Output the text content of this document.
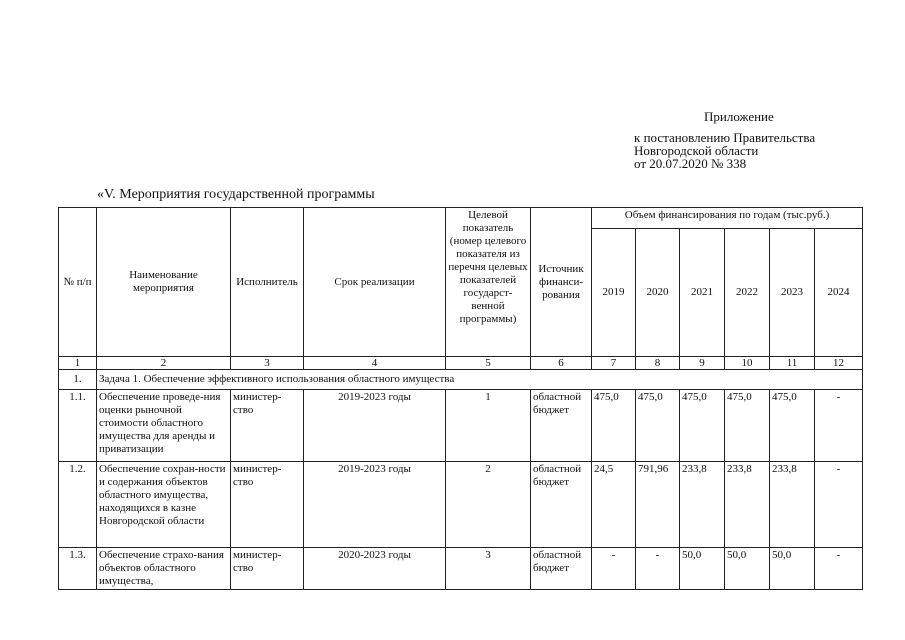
Приложение
к постановлению Правительства
Новгородской области
от 20.07.2020 № 338
«V. Мероприятия государственной программы
№ п/п	Наименование мероприятия	Исполнитель	Срок реализации	Целевой показатель (номер целевого показателя из перечня целевых показателей государст-венной программы)	Источник финанси-рования	Объем финансирования по годам (тыс.руб.)					
						2019	2020	2021	2022	2023	2024
1	2	3	4	5	6	7	8	9	10	11	12
1.	Задача 1. Обеспечение эффективного использования областного имущества										
1.1.	Обеспечение проведе-ния оценки рыночной стоимости областного имущества для аренды и приватизации	министер-ство	2019-2023 годы	1	областной бюджет	475,0	475,0	475,0	475,0	475,0	-
1.2.	Обеспечение сохран-ности и содержания объектов областного имущества, находящихся в казне Новгородской области	министер-ство	2019-2023 годы	2	областной бюджет	24,5	791,96	233,8	233,8	233,8	-
1.3.	Обеспечение страхо-вания объектов областного имущества,	министер-ство	2020-2023 годы	3	областной бюджет	-	-	50,0	50,0	50,0	-
